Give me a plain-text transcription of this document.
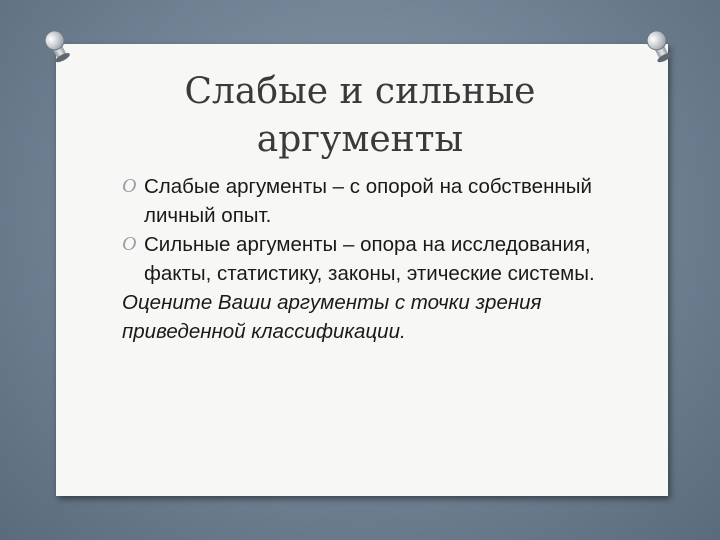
Слабые и сильные аргументы

O Слабые аргументы – с опорой на собственный личный опыт.

O Сильные аргументы – опора на исследования, факты, статистику, законы, этические системы.

Оцените Ваши аргументы с точки зрения приведенной классификации.
